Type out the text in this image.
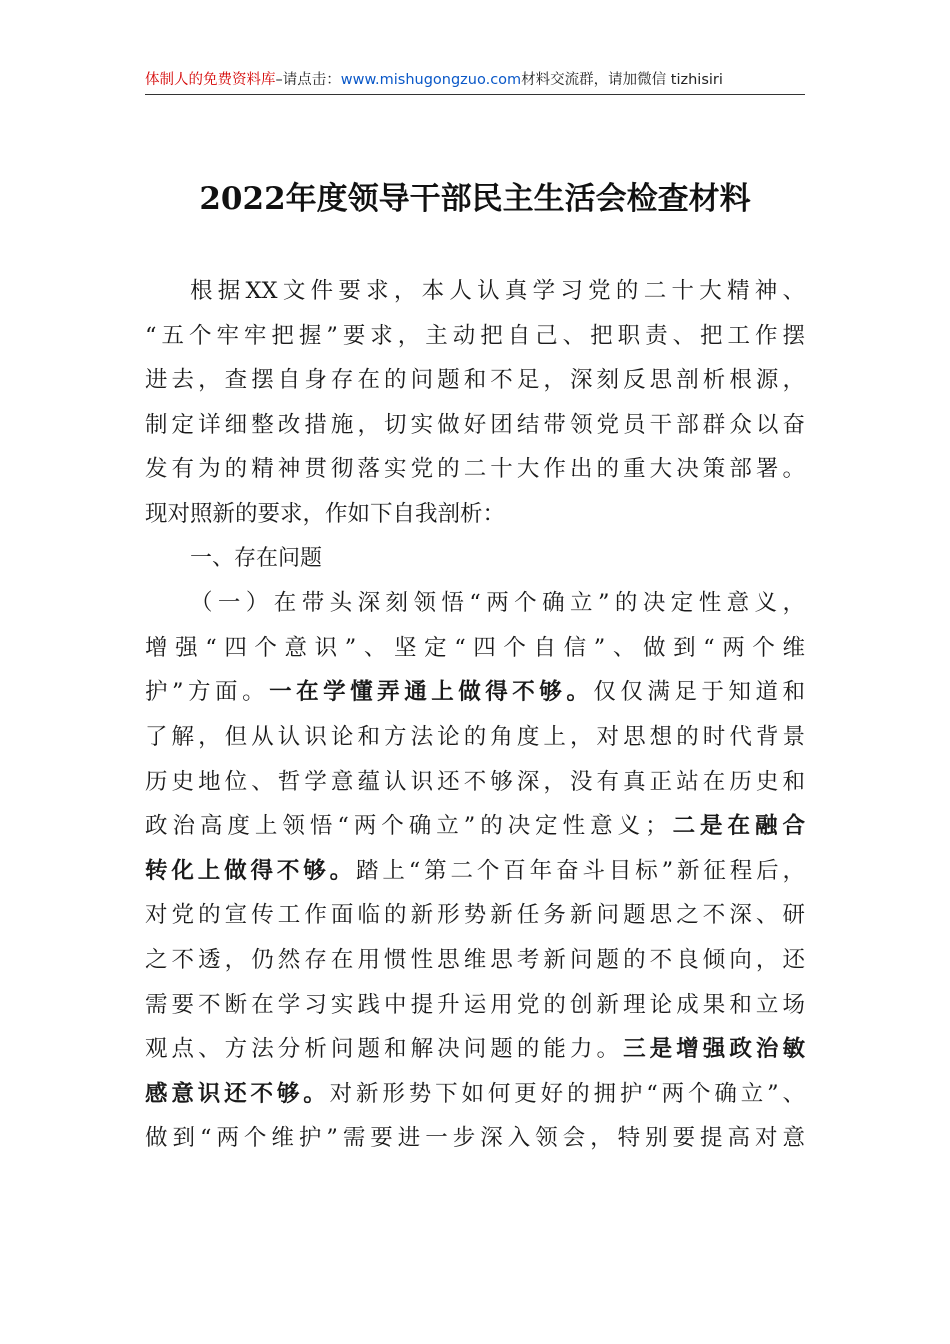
体制人的免费资料库–请点击：www.mishugongzuo.com材料交流群，请加微信 tizhisiri
2022年度领导干部民主生活会检查材料
根据XX文件要求，本人认真学习党的二十大精神、
“五个牢牢把握”要求，主动把自己、把职责、把工作摆
进去，查摆自身存在的问题和不足，深刻反思剖析根源，
制定详细整改措施，切实做好团结带领党员干部群众以奋
发有为的精神贯彻落实党的二十大作出的重大决策部署。
现对照新的要求，作如下自我剖析：
一、存在问题
（一）在带头深刻领悟“两个确立”的决定性意义，
增强“四个意识”、坚定“四个自信”、做到“两个维
护”方面。一在学懂弄通上做得不够。仅仅满足于知道和
了解，但从认识论和方法论的角度上，对思想的时代背景
历史地位、哲学意蕴认识还不够深，没有真正站在历史和
政治高度上领悟“两个确立”的决定性意义；二是在融合
转化上做得不够。踏上“第二个百年奋斗目标”新征程后，
对党的宣传工作面临的新形势新任务新问题思之不深、研
之不透，仍然存在用惯性思维思考新问题的不良倾向，还
需要不断在学习实践中提升运用党的创新理论成果和立场
观点、方法分析问题和解决问题的能力。三是增强政治敏
感意识还不够。对新形势下如何更好的拥护“两个确立”、
做到“两个维护”需要进一步深入领会，特别要提高对意
